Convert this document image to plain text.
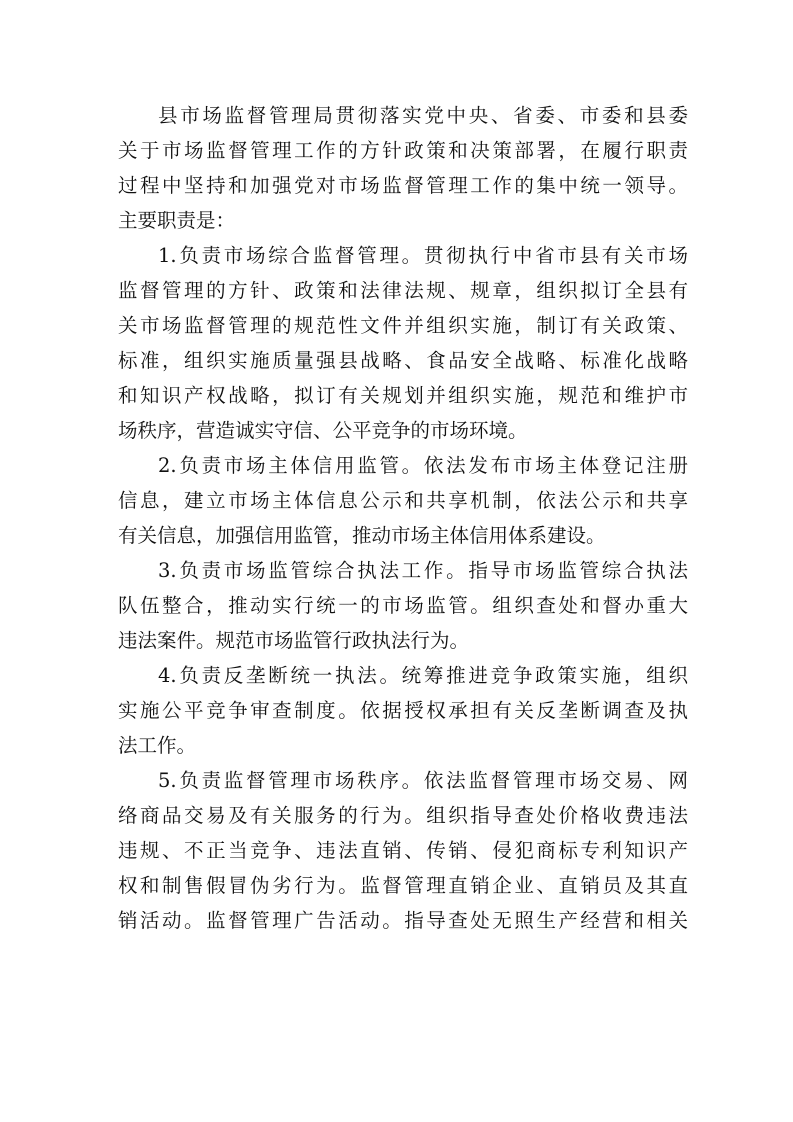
县市场监督管理局贯彻落实党中央、省委、市委和县委
关于市场监督管理工作的方针政策和决策部署，在履行职责
过程中坚持和加强党对市场监督管理工作的集中统一领导。
主要职责是：
1.负责市场综合监督管理。贯彻执行中省市县有关市场
监督管理的方针、政策和法律法规、规章，组织拟订全县有
关市场监督管理的规范性文件并组织实施，制订有关政策、
标准，组织实施质量强县战略、食品安全战略、标准化战略
和知识产权战略，拟订有关规划并组织实施，规范和维护市
场秩序，营造诚实守信、公平竞争的市场环境。
2.负责市场主体信用监管。依法发布市场主体登记注册
信息，建立市场主体信息公示和共享机制，依法公示和共享
有关信息，加强信用监管，推动市场主体信用体系建设。
3.负责市场监管综合执法工作。指导市场监管综合执法
队伍整合，推动实行统一的市场监管。组织查处和督办重大
违法案件。规范市场监管行政执法行为。
4.负责反垄断统一执法。统筹推进竞争政策实施，组织
实施公平竞争审查制度。依据授权承担有关反垄断调查及执
法工作。
5.负责监督管理市场秩序。依法监督管理市场交易、网
络商品交易及有关服务的行为。组织指导查处价格收费违法
违规、不正当竞争、违法直销、传销、侵犯商标专利知识产
权和制售假冒伪劣行为。监督管理直销企业、直销员及其直
销活动。监督管理广告活动。指导查处无照生产经营和相关
